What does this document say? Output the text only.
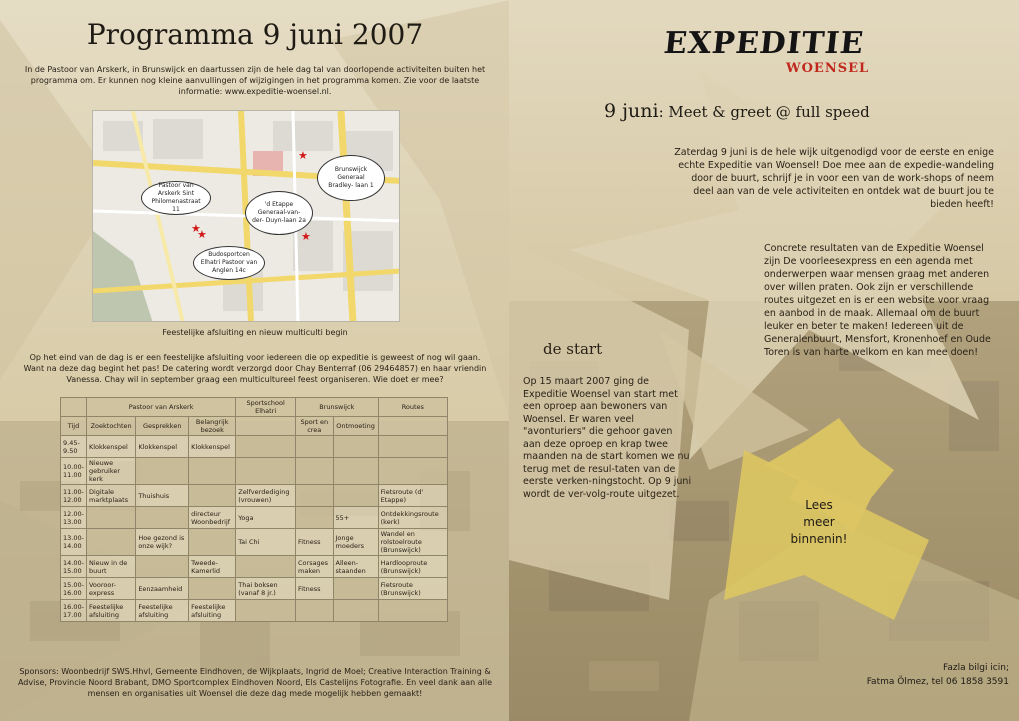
Programma 9 juni 2007
In de Pastoor van Arskerk, in Brunswijck en daartussen zijn de hele dag tal van doorlopende activiteiten buiten het programma om. Er kunnen nog kleine aanvullingen of wijzigingen in het programma komen. Zie voor de laatste informatie: www.expeditie-woensel.nl.
Pastoor van Arskerk Sint Philomenastraat 11
'd Etappe Generaal-van-der- Duyn-laan 2a
Brunswijck Generaal Bradley- laan 1
Budosportcen Elhatri Pastoor van Anglen 14c
★
★
★	★
Feestelijke afsluiting en nieuw multiculti begin
Op het eind van de dag is er een feestelijke afsluiting voor iedereen die op expeditie is geweest of nog wil gaan. Want na deze dag begint het pas! De catering wordt verzorgd door Chay Benterraf (06 29464857) en haar vriendin Vanessa. Chay wil in september graag een multicultureel feest organiseren. Wie doet er mee?
	Pastoor van Arskerk			Sportschool Elhatri	Brunswijck		Routes
Tijd	Zoektochten	Gesprekken	Belangrijk bezoek		Sport en crea	Ontmoeting	
9.45-9.50	Klokkenspel	Klokkenspel	Klokkenspel				
10.00-11.00	Nieuwe gebruiker kerk						
11.00-12.00	Digitale marktplaats	Thuishuis		Zelfverdediging (vrouwen)			Fietsroute (d' Etappe)
12.00-13.00			directeur Woonbedrijf	Yoga		55+	Ontdekkingsroute (kerk)
13.00-14.00		Hoe gezond is onze wijk?		Tai Chi	Fitness	Jonge moeders	Wandel en rolstoelroute (Brunswijck)
14.00-15.00	Nieuw in de buurt		Tweede-Kamerlid		Corsages maken	Alleen-staanden	Hardlooproute (Brunswijck)
15.00-16.00	Vooroor-express	Eenzaamheid		Thai boksen (vanaf 8 jr.)	Fitness		Fietsroute (Brunswijck)
16.00-17.00	Feestelijke afsluiting	Feestelijke afsluiting	Feestelijke afsluiting				
Sponsors: Woonbedrijf SWS.Hhvl, Gemeente Eindhoven, de Wijkplaats, Ingrid de Moel; Creative Interaction Training & Advise, Provincie Noord Brabant, DMO Sportcomplex Eindhoven Noord, Els Castelijns Fotografie. En veel dank aan alle mensen en organisaties uit Woensel die deze dag mede mogelijk hebben gemaakt!
EXPEDITIE
WOENSEL
9 juni: Meet & greet @ full speed
Zaterdag 9 juni is de hele wijk uitgenodigd voor de eerste en enige echte Expeditie van Woensel! Doe mee aan de expedie-wandeling door de buurt, schrijf je in voor een van de work-shops of neem deel aan van de vele activiteiten en ontdek wat de buurt jou te bieden heeft!
Concrete resultaten van de Expeditie Woensel zijn De voorleesexpress en een agenda met onderwerpen waar mensen graag met anderen over willen praten. Ook zijn er verschillende routes uitgezet en is er een website voor vraag en aanbod in de maak. Allemaal om de buurt leuker en beter te maken! Iedereen uit de Generalenbuurt, Mensfort, Kronenhoef en Oude Toren is van harte welkom en kan mee doen!
de start
Op 15 maart 2007 ging de Expeditie Woensel van start met een oproep aan bewoners van Woensel. Er waren veel "avonturiers" die gehoor gaven aan deze oproep en krap twee maanden na de start komen we nu terug met de resul-taten van de eerste verken-ningstocht. Op 9 juni wordt de ver-volg-route uitgezet.
Lees
meer
binnenin!
Fazla bilgi icin;
Fatma Ölmez, tel 06 1858 3591
